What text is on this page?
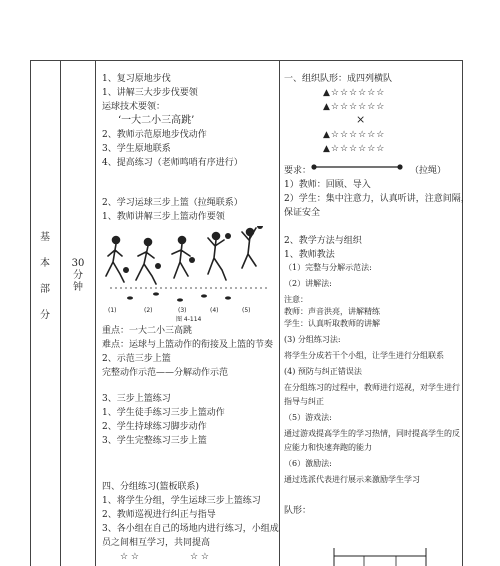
基
本
部
分
30
分
钟
1、复习原地步伐
1、讲解三大步步伐要领
运球技术要领：
‘一大二小三高跳’
2、教师示范原地步伐动作
3、学生原地联系
4、提高练习（老师鸣哨有序进行）
2、学习运球三步上篮（拉绳联系）
1、教师讲解三步上篮动作要领
(1)	(2)	(3)	(4)	(5)
图 4-114
重点：一大二小三高跳
难点：运球与上篮动作的衔接及上篮的节奏
2、示范三步上篮
完整动作示范——分解动作示范
3、三步上篮练习
1、学生徒手练习三步上篮动作
2、学生持球练习脚步动作
3、学生完整练习三步上篮
四、分组练习(篮板联系)
1、将学生分组，学生运球三步上篮练习
2、教师巡视进行纠正与指导
3、各小组在自己的场地内进行练习，小组成
员之间相互学习，共同提高
☆ ☆	☆ ☆
一、组织队形：成四列横队
▲☆☆☆☆☆☆
▲☆☆☆☆☆☆
×
▲☆☆☆☆☆☆
▲☆☆☆☆☆☆
要求：	（拉绳）
1）教师：回顾、导入
2）学生：集中注意力，认真听讲，注意间隔，
保证安全
2、教学方法与组织
1、教师教法
（1）完整与分解示范法:
（2）讲解法:
注意：
教师：声音洪亮，讲解精练
学生：认真听取教师的讲解
(3) 分组练习法:
将学生分成若干个小组，让学生进行分组联系
(4) 预防与纠正错误法
在分组练习的过程中，教师进行巡视，对学生进行
指导与纠正
（5）游戏法:
通过游戏提高学生的学习热情，同时提高学生的反
应能力和快速奔跑的能力
（6）激励法:
通过选派代表进行展示来激励学生学习
队形：
